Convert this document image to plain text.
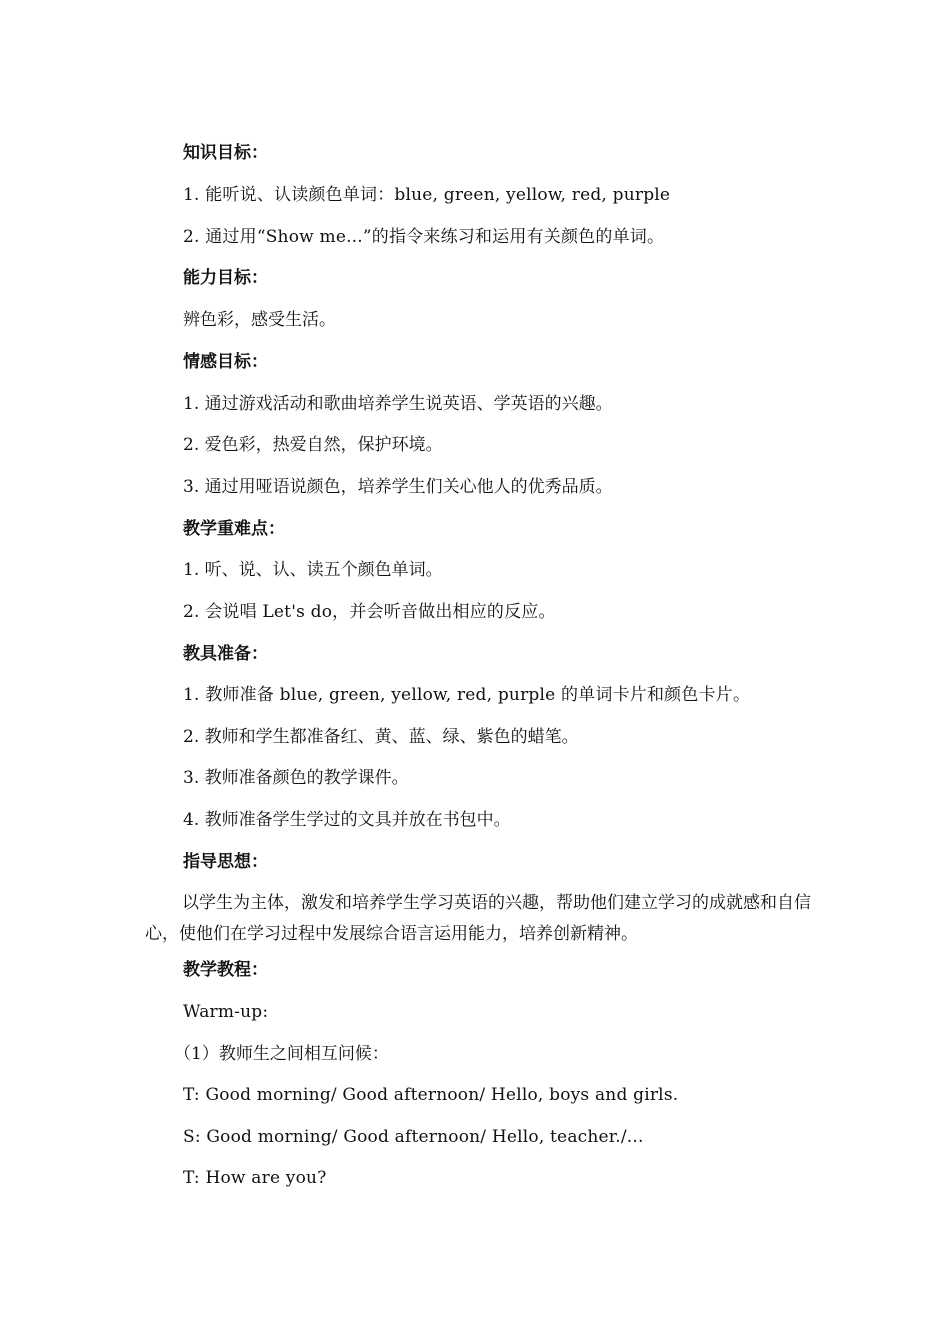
知识目标：
1. 能听说、认读颜色单词：blue, green, yellow, red, purple
2. 通过用“Show me...”的指令来练习和运用有关颜色的单词。
能力目标：
辨色彩，感受生活。
情感目标：
1. 通过游戏活动和歌曲培养学生说英语、学英语的兴趣。
2. 爱色彩，热爱自然，保护环境。
3. 通过用哑语说颜色，培养学生们关心他人的优秀品质。
教学重难点：
1. 听、说、认、读五个颜色单词。
2. 会说唱 Let's do，并会听音做出相应的反应。
教具准备：
1. 教师准备 blue, green, yellow, red, purple 的单词卡片和颜色卡片。
2. 教师和学生都准备红、黄、蓝、绿、紫色的蜡笔。
3. 教师准备颜色的教学课件。
4. 教师准备学生学过的文具并放在书包中。
指导思想：
以学生为主体，激发和培养学生学习英语的兴趣，帮助他们建立学习的成就感和自信心，使他们在学习过程中发展综合语言运用能力，培养创新精神。
教学教程：
Warm-up:
（1）教师生之间相互问候：
T: Good morning/ Good afternoon/ Hello, boys and girls.
S: Good morning/ Good afternoon/ Hello, teacher./...
T: How are you?
